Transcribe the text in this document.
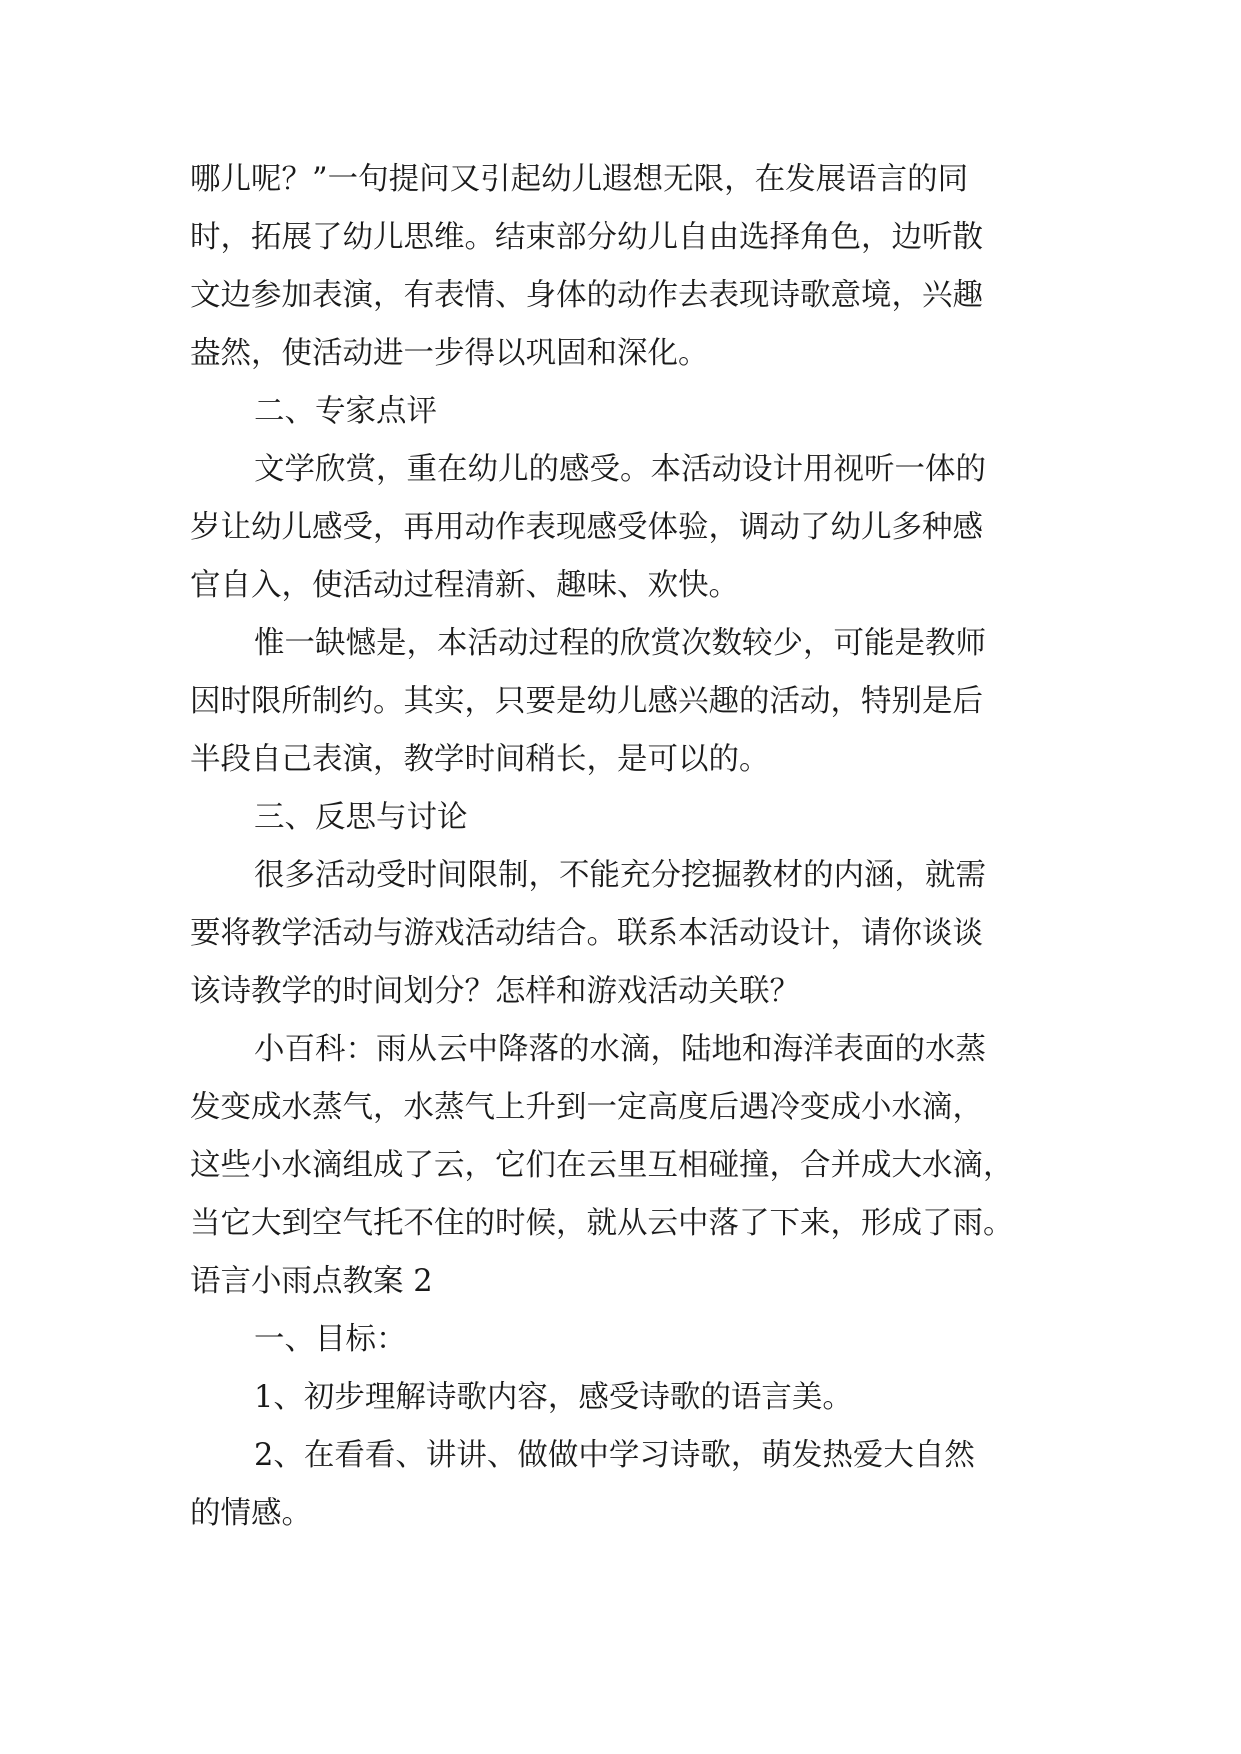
哪儿呢？”一句提问又引起幼儿遐想无限，在发展语言的同
时，拓展了幼儿思维。结束部分幼儿自由选择角色，边听散
文边参加表演，有表情、身体的动作去表现诗歌意境，兴趣
盎然，使活动进一步得以巩固和深化。
二、专家点评
文学欣赏，重在幼儿的感受。本活动设计用视听一体的
岁让幼儿感受，再用动作表现感受体验，调动了幼儿多种感
官自入，使活动过程清新、趣味、欢快。
惟一缺憾是，本活动过程的欣赏次数较少，可能是教师
因时限所制约。其实，只要是幼儿感兴趣的活动，特别是后
半段自己表演，教学时间稍长，是可以的。
三、反思与讨论
很多活动受时间限制，不能充分挖掘教材的内涵，就需
要将教学活动与游戏活动结合。联系本活动设计，请你谈谈
该诗教学的时间划分？怎样和游戏活动关联？
小百科：雨从云中降落的水滴，陆地和海洋表面的水蒸
发变成水蒸气，水蒸气上升到一定高度后遇冷变成小水滴，
这些小水滴组成了云，它们在云里互相碰撞，合并成大水滴，
当它大到空气托不住的时候，就从云中落了下来，形成了雨。
语言小雨点教案 2
一、目标：
1、初步理解诗歌内容，感受诗歌的语言美。
2、在看看、讲讲、做做中学习诗歌，萌发热爱大自然
的情感。
